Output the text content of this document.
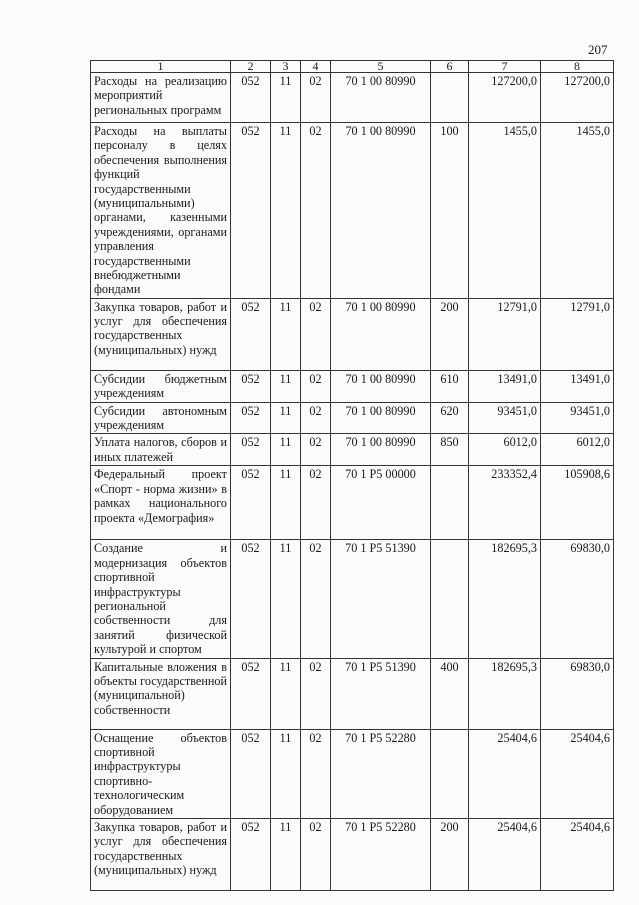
207
1	2	3	4	5	6	7	8
Расходы на реализацию мероприятий региональных программ	052	11	02	70 1 00 80990		127200,0	127200,0
Расходы на выплаты персоналу в целях обеспечения выполнения функций государственными (муниципальными) органами, казенными учреждениями, органами управления государственными внебюджетными фондами	052	11	02	70 1 00 80990	100	1455,0	1455,0
Закупка товаров, работ и услуг для обеспечения государственных (муниципальных) нужд	052	11	02	70 1 00 80990	200	12791,0	12791,0
Субсидии бюджетным учреждениям	052	11	02	70 1 00 80990	610	13491,0	13491,0
Субсидии автономным учреждениям	052	11	02	70 1 00 80990	620	93451,0	93451,0
Уплата налогов, сборов и иных платежей	052	11	02	70 1 00 80990	850	6012,0	6012,0
Федеральный проект «Спорт - норма жизни» в рамках национального проекта «Демография»	052	11	02	70 1 P5 00000		233352,4	105908,6
Создание и модернизация объектов спортивной инфраструктуры региональной собственности для занятий физической культурой и спортом	052	11	02	70 1 P5 51390		182695,3	69830,0
Капитальные вложения в объекты государственной (муниципальной) собственности	052	11	02	70 1 P5 51390	400	182695,3	69830,0
Оснащение объектов спортивной инфраструктуры спортивно-технологическим оборудованием	052	11	02	70 1 P5 52280		25404,6	25404,6
Закупка товаров, работ и услуг для обеспечения государственных (муниципальных) нужд	052	11	02	70 1 P5 52280	200	25404,6	25404,6
